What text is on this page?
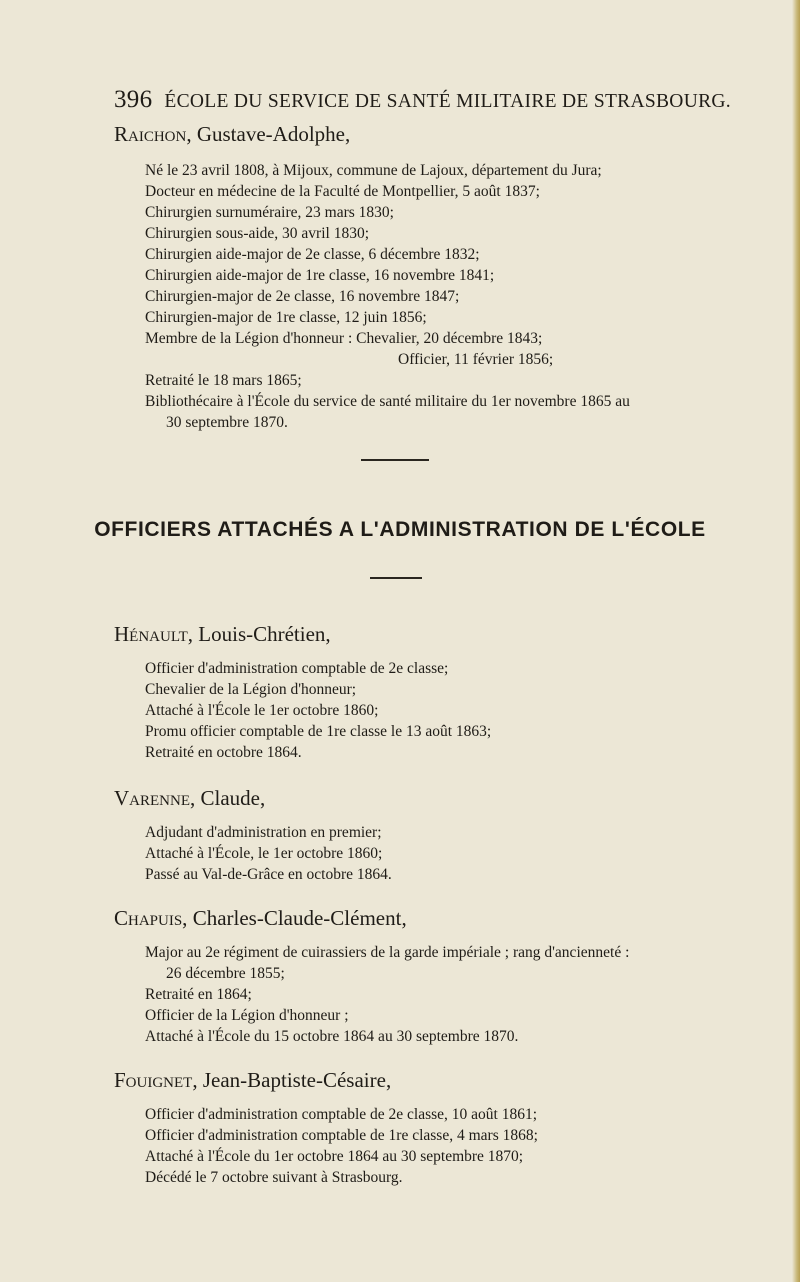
396 ÉCOLE DU SERVICE DE SANTÉ MILITAIRE DE STRASBOURG.
Raichon, Gustave-Adolphe,
Né le 23 avril 1808, à Mijoux, commune de Lajoux, département du Jura;
Docteur en médecine de la Faculté de Montpellier, 5 août 1837;
Chirurgien surnuméraire, 23 mars 1830;
Chirurgien sous-aide, 30 avril 1830;
Chirurgien aide-major de 2e classe, 6 décembre 1832;
Chirurgien aide-major de 1re classe, 16 novembre 1841;
Chirurgien-major de 2e classe, 16 novembre 1847;
Chirurgien-major de 1re classe, 12 juin 1856;
Membre de la Légion d'honneur : Chevalier, 20 décembre 1843;
Officier, 11 février 1856;
Retraité le 18 mars 1865;
Bibliothécaire à l'École du service de santé militaire du 1er novembre 1865 au
30 septembre 1870.
OFFICIERS ATTACHÉS A L'ADMINISTRATION DE L'ÉCOLE
Hénault, Louis-Chrétien,
Officier d'administration comptable de 2e classe;
Chevalier de la Légion d'honneur;
Attaché à l'École le 1er octobre 1860;
Promu officier comptable de 1re classe le 13 août 1863;
Retraité en octobre 1864.
Varenne, Claude,
Adjudant d'administration en premier;
Attaché à l'École, le 1er octobre 1860;
Passé au Val-de-Grâce en octobre 1864.
Chapuis, Charles-Claude-Clément,
Major au 2e régiment de cuirassiers de la garde impériale ; rang d'ancienneté :
26 décembre 1855;
Retraité en 1864;
Officier de la Légion d'honneur ;
Attaché à l'École du 15 octobre 1864 au 30 septembre 1870.
Fouignet, Jean-Baptiste-Césaire,
Officier d'administration comptable de 2e classe, 10 août 1861;
Officier d'administration comptable de 1re classe, 4 mars 1868;
Attaché à l'École du 1er octobre 1864 au 30 septembre 1870;
Décédé le 7 octobre suivant à Strasbourg.
